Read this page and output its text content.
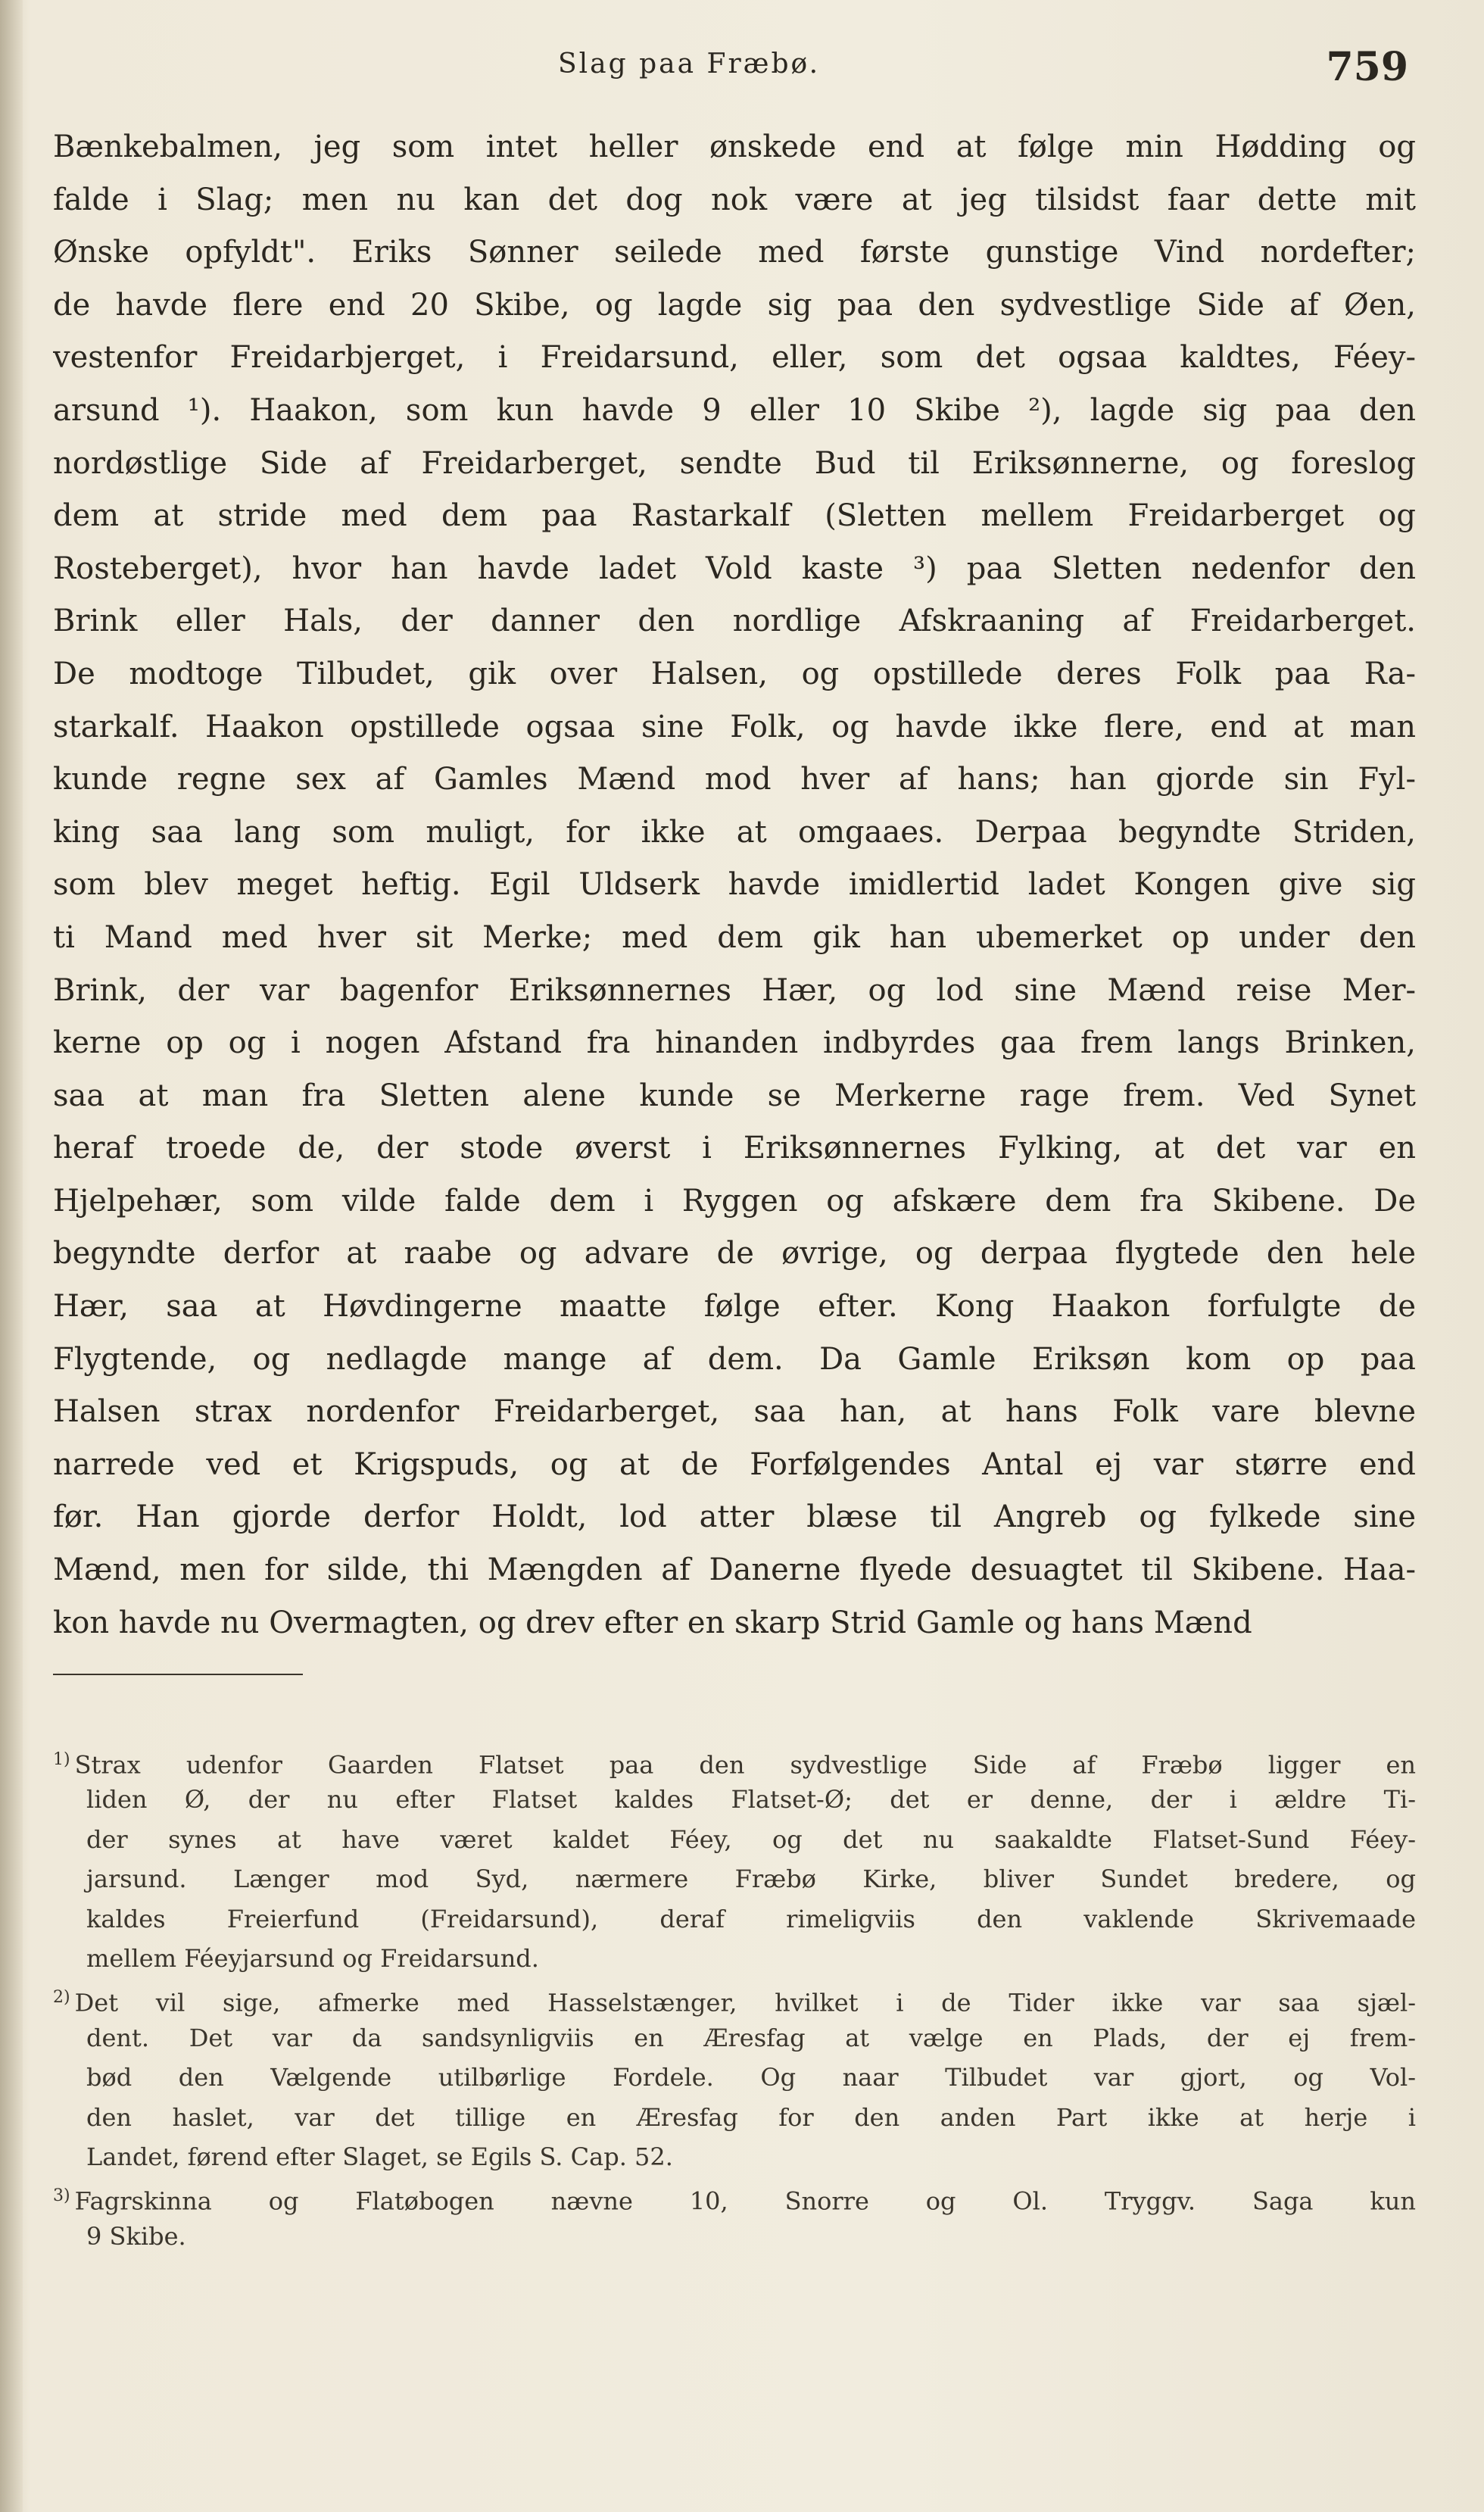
Slag paa Fræbø.	759
Bænkebalmen, jeg som intet heller ønskede end at følge min Hødding og
falde i Slag; men nu kan det dog nok være at jeg tilsidst faar dette mit
Ønske opfyldt". Eriks Sønner seilede med første gunstige Vind nordefter;
de havde flere end 20 Skibe, og lagde sig paa den sydvestlige Side af Øen,
vestenfor Freidarbjerget, i Freidarsund, eller, som det ogsaa kaldtes, Féey-
arsund ¹). Haakon, som kun havde 9 eller 10 Skibe ²), lagde sig paa den
nordøstlige Side af Freidarberget, sendte Bud til Eriksønnerne, og foreslog
dem at stride med dem paa Rastarkalf (Sletten mellem Freidarberget og
Rosteberget), hvor han havde ladet Vold kaste ³) paa Sletten nedenfor den
Brink eller Hals, der danner den nordlige Afskraaning af Freidarberget.
De modtoge Tilbudet, gik over Halsen, og opstillede deres Folk paa Ra-
starkalf. Haakon opstillede ogsaa sine Folk, og havde ikke flere, end at man
kunde regne sex af Gamles Mænd mod hver af hans; han gjorde sin Fyl-
king saa lang som muligt, for ikke at omgaaes. Derpaa begyndte Striden,
som blev meget heftig. Egil Uldserk havde imidlertid ladet Kongen give sig
ti Mand med hver sit Merke; med dem gik han ubemerket op under den
Brink, der var bagenfor Eriksønnernes Hær, og lod sine Mænd reise Mer-
kerne op og i nogen Afstand fra hinanden indbyrdes gaa frem langs Brinken,
saa at man fra Sletten alene kunde se Merkerne rage frem. Ved Synet
heraf troede de, der stode øverst i Eriksønnernes Fylking, at det var en
Hjelpehær, som vilde falde dem i Ryggen og afskære dem fra Skibene. De
begyndte derfor at raabe og advare de øvrige, og derpaa flygtede den hele
Hær, saa at Høvdingerne maatte følge efter. Kong Haakon forfulgte de
Flygtende, og nedlagde mange af dem. Da Gamle Eriksøn kom op paa
Halsen strax nordenfor Freidarberget, saa han, at hans Folk vare blevne
narrede ved et Krigspuds, og at de Forfølgendes Antal ej var større end
før. Han gjorde derfor Holdt, lod atter blæse til Angreb og fylkede sine
Mænd, men for silde, thi Mængden af Danerne flyede desuagtet til Skibene. Haa-
kon havde nu Overmagten, og drev efter en skarp Strid Gamle og hans Mænd
$^{1)}$ Strax udenfor Gaarden Flatset paa den sydvestlige Side af Fræbø ligger en
liden Ø, der nu efter Flatset kaldes Flatset-Ø; det er denne, der i ældre Ti-
der synes at have været kaldet Féey, og det nu saakaldte Flatset-Sund Féey-
jarsund. Længer mod Syd, nærmere Fræbø Kirke, bliver Sundet bredere, og
kaldes Freierfund (Freidarsund), deraf rimeligviis den vaklende Skrivemaade
mellem Féeyjarsund og Freidarsund.
$^{2)}$ Det vil sige, afmerke med Hasselstænger, hvilket i de Tider ikke var saa sjæl-
dent. Det var da sandsynligviis en Æresfag at vælge en Plads, der ej frem-
bød den Vælgende utilbørlige Fordele. Og naar Tilbudet var gjort, og Vol-
den haslet, var det tillige en Æresfag for den anden Part ikke at herje i
Landet, førend efter Slaget, se Egils S. Cap. 52.
$^{3)}$ Fagrskinna og Flatøbogen nævne 10, Snorre og Ol. Tryggv. Saga kun
9 Skibe.
